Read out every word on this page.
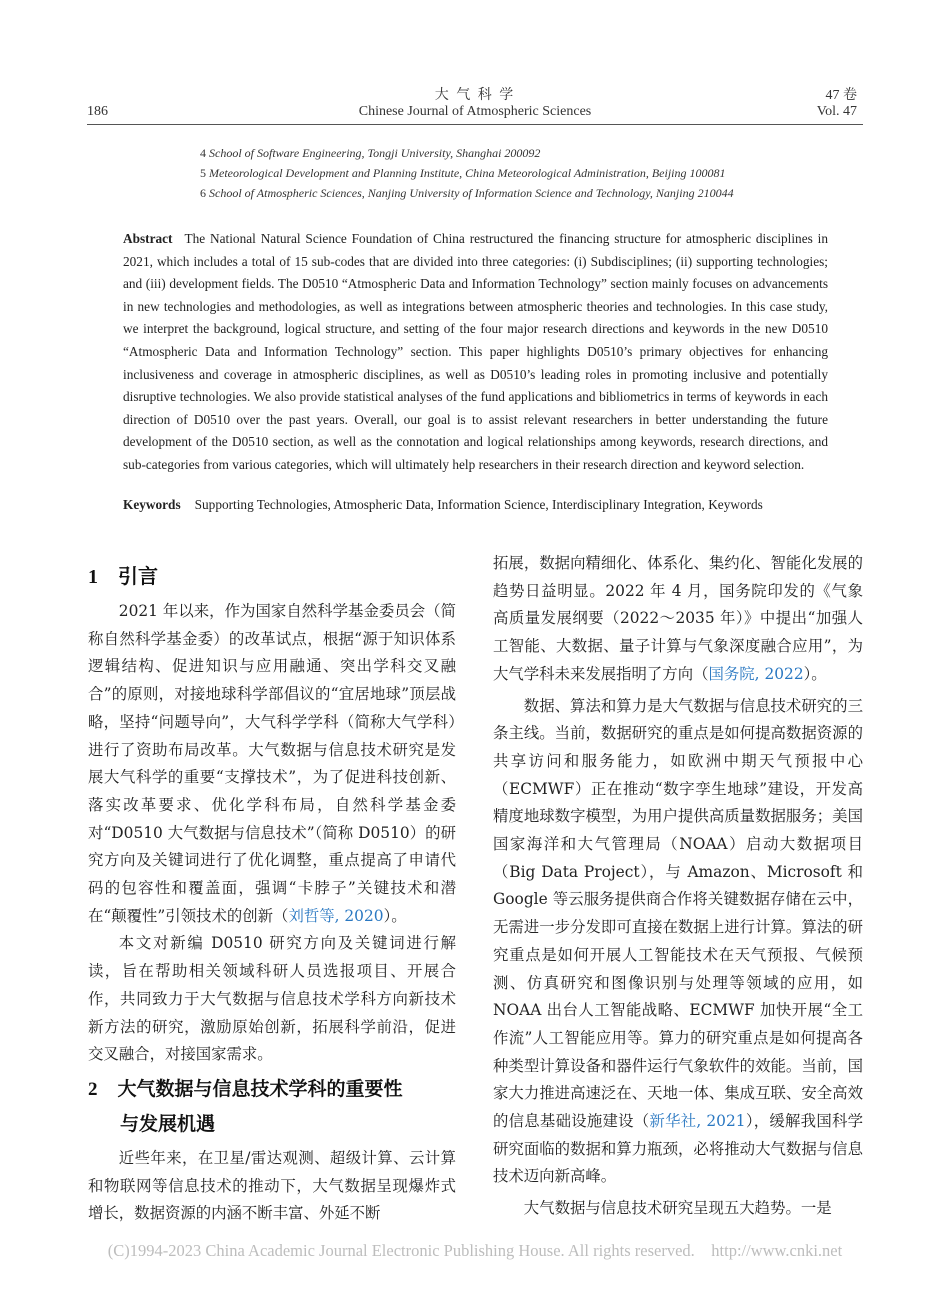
大 气 科 学	47 卷
186	Chinese Journal of Atmospheric Sciences	Vol. 47
4 School of Software Engineering, Tongji University, Shanghai 200092
5 Meteorological Development and Planning Institute, China Meteorological Administration, Beijing 100081
6 School of Atmospheric Sciences, Nanjing University of Information Science and Technology, Nanjing 210044
Abstract The National Natural Science Foundation of China restructured the financing structure for atmospheric disciplines in 2021, which includes a total of 15 sub-codes that are divided into three categories: (i) Subdisciplines; (ii) supporting technologies; and (iii) development fields. The D0510 “Atmospheric Data and Information Technology” section mainly focuses on advancements in new technologies and methodologies, as well as integrations between atmospheric theories and technologies. In this case study, we interpret the background, logical structure, and setting of the four major research directions and keywords in the new D0510 “Atmospheric Data and Information Technology” section. This paper highlights D0510’s primary objectives for enhancing inclusiveness and coverage in atmospheric disciplines, as well as D0510’s leading roles in promoting inclusive and potentially disruptive technologies. We also provide statistical analyses of the fund applications and bibliometrics in terms of keywords in each direction of D0510 over the past years. Overall, our goal is to assist relevant researchers in better understanding the future development of the D0510 section, as well as the connotation and logical relationships among keywords, research directions, and sub-categories from various categories, which will ultimately help researchers in their research direction and keyword selection.
Keywords Supporting Technologies, Atmospheric Data, Information Science, Interdisciplinary Integration, Keywords
1 引言

2021 年以来，作为国家自然科学基金委员会（简称自然科学基金委）的改革试点，根据“源于知识体系逻辑结构、促进知识与应用融通、突出学科交叉融合”的原则，对接地球科学部倡议的“宜居地球”顶层战略，坚持“问题导向”，大气科学学科（简称大气学科）进行了资助布局改革。大气数据与信息技术研究是发展大气科学的重要“支撑技术”，为了促进科技创新、落实改革要求、优化学科布局，自然科学基金委对“D0510 大气数据与信息技术”（简称 D0510）的研究方向及关键词进行了优化调整，重点提高了申请代码的包容性和覆盖面，强调“卡脖子”关键技术和潜在“颠覆性”引领技术的创新（刘哲等, 2020）。

本文对新编 D0510 研究方向及关键词进行解读，旨在帮助相关领域科研人员选报项目、开展合作，共同致力于大气数据与信息技术学科方向新技术新方法的研究，激励原始创新，拓展科学前沿，促进交叉融合，对接国家需求。

2 大气数据与信息技术学科的重要性
与发展机遇

近些年来，在卫星/雷达观测、超级计算、云计算和物联网等信息技术的推动下，大气数据呈现爆炸式增长，数据资源的内涵不断丰富、外延不断

拓展，数据向精细化、体系化、集约化、智能化发展的趋势日益明显。2022 年 4 月，国务院印发的《气象高质量发展纲要（2022～2035 年）》中提出“加强人工智能、大数据、量子计算与气象深度融合应用”，为大气学科未来发展指明了方向（国务院, 2022）。

数据、算法和算力是大气数据与信息技术研究的三条主线。当前，数据研究的重点是如何提高数据资源的共享访问和服务能力，如欧洲中期天气预报中心（ECMWF）正在推动“数字孪生地球”建设，开发高精度地球数字模型，为用户提供高质量数据服务；美国国家海洋和大气管理局（NOAA）启动大数据项目（Big Data Project），与 Amazon、Microsoft 和 Google 等云服务提供商合作将关键数据存储在云中，无需进一步分发即可直接在数据上进行计算。算法的研究重点是如何开展人工智能技术在天气预报、气候预测、仿真研究和图像识别与处理等领域的应用，如 NOAA 出台人工智能战略、ECMWF 加快开展“全工作流”人工智能应用等。算力的研究重点是如何提高各种类型计算设备和器件运行气象软件的效能。当前，国家大力推进高速泛在、天地一体、集成互联、安全高效的信息基础设施建设（新华社, 2021），缓解我国科学研究面临的数据和算力瓶颈，必将推动大气数据与信息技术迈向新高峰。

大气数据与信息技术研究呈现五大趋势。一是

(C)1994-2023 China Academic Journal Electronic Publishing House. All rights reserved.    http://www.cnki.net
